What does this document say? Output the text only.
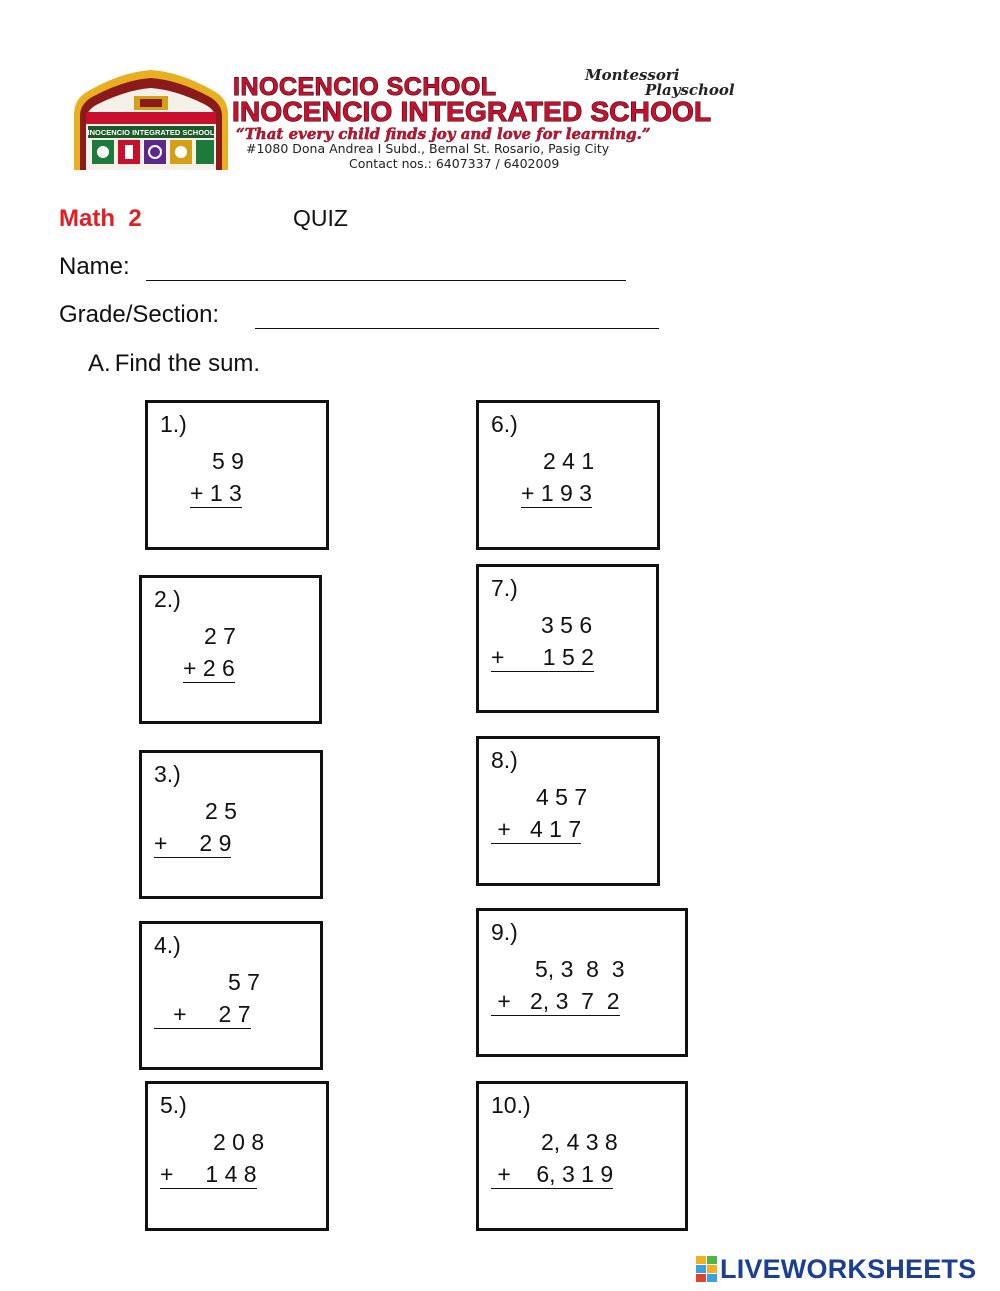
INOCENCIO INTEGRATED SCHOOL
INOCENCIO SCHOOL	Montessori
Playschool
INOCENCIO INTEGRATED SCHOOL
“That every child finds joy and love for learning.”
#1080 Dona Andrea I Subd., Bernal St. Rosario, Pasig City
Contact nos.: 6407337 / 6402009
Math  2	QUIZ
Name:
Grade/Section:
A. Find the sum.
1.)
5 9
+ 1 3
2.)
2 7
+ 2 6
3.)
2 5
+     2 9
4.)
5 7
+     2 7
5.)
2 0 8
+     1 4 8
6.)
2 4 1
+ 1 9 3
7.)
3 5 6
+      1 5 2
8.)
4 5 7
+   4 1 7
9.)
5, 3  8  3
+   2, 3  7  2
10.)
2, 4 3 8
+    6, 3 1 9
LIVEWORKSHEETS
